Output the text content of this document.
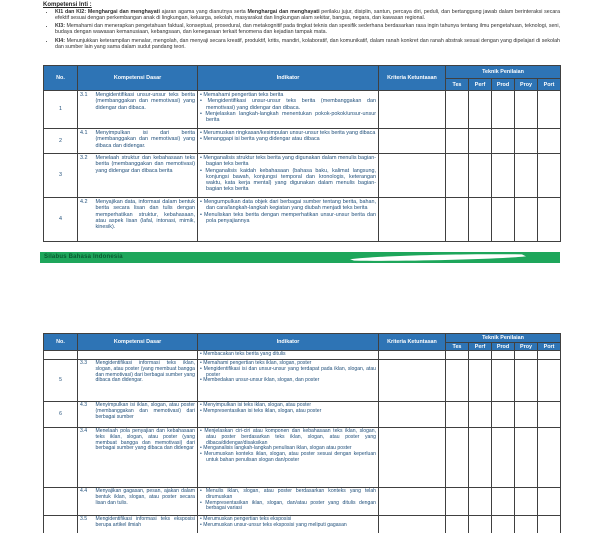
Kompetensi Inti :
• KI1 dan KI2: Menghargai dan menghayati ajaran agama yang dianutnya serta Menghargai dan menghayati perilaku jujur, disiplin, santun, percaya diri, peduli, dan bertanggung jawab dalam berinteraksi secara efektif sesuai dengan perkembangan anak di lingkungan, keluarga, sekolah, masyarakat dan lingkungan alam sekitar, bangsa, negara, dan kawasan regional.
• KI3: Memahami dan menerapkan pengetahuan faktual, konseptual, prosedural, dan metakognitif pada tingkat teknis dan spesifik sederhana berdasarkan rasa ingin tahunya tentang ilmu pengetahuan, teknologi, seni, budaya dengan wawasan kemanusiaan, kebangsaan, dan kenegaraan terkait fenomena dan kejadian tampak mata.
• KI4: Menunjukkan keterampilan menalar, mengolah, dan menyaji secara kreatif, produktif, kritis, mandiri, kolaboratif, dan komunikatif, dalam ranah konkret dan ranah abstrak sesuai dengan yang dipelajari di sekolah dan sumber lain yang sama dalam sudut pandang teori.
No.	Kompetensi Dasar		Indikator	Kriteria Ketuntasan	Teknik Penilaian				
					Tes	Perf	Prod	Proy	Port
1	3.1	Mengidentifikasi unsur-unsur teks berita (membanggakan dan memotivasi) yang didengar dan dibaca.	• Memahami pengertian teks berita
• Mengidentifikasi unsur-unsur teks berita (membanggakan dan memotivasi) yang didengar dan dibaca.
• Menjelaskan langkah-langkah menentukan pokok-pokok/unsur-unsur berita						

2	4.1	Menyimpulkan isi dari berita (membanggakan dan memotivasi) yang dibaca dan didengar.	• Merumuskan ringkasan/kesimpulan unsur-unsur teks berita yang dibaca
• Menanggapi isi berita yang didengar atau dibaca						

3	3.2	Menelaah struktur dan kebahasaan teks berita (membanggakan dan memotivasi) yang didengar dan dibaca berita	• Menganalisis struktur teks berita yang digunakan dalam menulis bagian-bagian teks berita
• Menganalisis kaidah kebahasaan (bahasa baku, kalimat langsung, konjungsi bawah, konjungsi temporal dan kronologis, keterangan waktu, kata kerja mental) yang digunakan dalam menulis bagian-bagian teks berita						

4	4.2	Menyajikan data, informasi dalam bentuk berita secara lisan dan tulis dengan memperhatikan struktur, kebahasaan, atau aspek lisan (lafal, intonasi, mimik, kinesik).	• Mengumpulkan data objek dari berbagai sumber tentang berita, bahan, dan cara/langkah-langkah kegiatan yang diubah menjadi teks berita
• Menuliskan teks berita dengan memperhatikan unsur-unsur berita dan pola penyajiannya						

Silabus Bahasa Indonesia
No.	Kompetensi Dasar		Indikator	Kriteria Ketuntasan	Teknik Penilaian				
					Tes	Perf	Prod	Proy	Port

			• Membacakan teks berita yang ditulis						

5	3.3	Mengidentifikasi informasi teks iklan, slogan, atau poster (yang membuat bangga dan memotivasi) dari berbagai sumber yang dibaca dan didengar.	• Memahami pengertian teks iklan, slogan, poster
• Mengidentifikasi isi dan unsur-unsur yang terdapat pada iklan, slogan, atau poster
• Membedakan unsur-unsur iklan, slogan, dan poster						

6	4.3	Menyimpulkan isi iklan, slogan, atau poster (membanggakan dan memotivasi) dari berbagai sumber	• Menyimpulkan isi teks iklan, slogan, atau poster
• Mempresentasikan isi teks iklan, slogan, atau poster						

	3.4	Menelaah pola penyajian dan kebahasaan teks iklan, slogan, atau poster (yang membuat bangga dan memotivasi) dari berbagai sumber yang dibaca dan didengar	• Menjelaskan ciri-ciri atau komponen dan kebahasaan teks iklan, slogan, atau poster berdasarkan teks iklan, slogan, atau poster yang dibaca/didengar/disaksikan
• Menganalisis langkah-langkah penulisan iklan, slogan atau poster
• Merumuskan konteks iklan, slogan, atau poster sesuai dengan keperluan untuk bahan penulisan slogan dan/poster						

	4.4	Menyajikan gagasan, pesan, ajakan dalam bentuk iklan, slogan, atau poster secara lisan dan tulis.	• Menulis iklan, slogan, atau poster berdasarkan konteks yang telah dirumuskan
• Mempresentasikan iklan, slogan, dan/atau poster yang ditulis dengan berbagai variasi						

	3.5	Mengidentifikasi informasi teks eksposisi berupa artikel ilmiah	• Merumuskan pengertian teks eksposisi
• Merumuskan unsur-unsur teks eksposisi yang meliputi gagasan						
